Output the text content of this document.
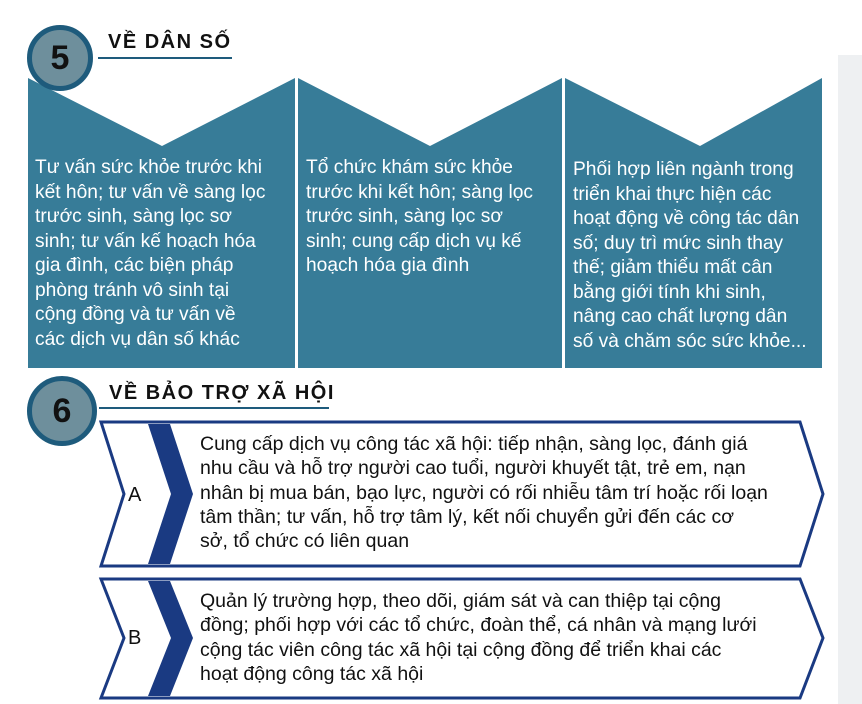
5 VỀ DÂN SỐ
Tư vấn sức khỏe trước khi
kết hôn; tư vấn về sàng lọc
trước sinh, sàng lọc sơ
sinh; tư vấn kế hoạch hóa
gia đình, các biện pháp
phòng tránh vô sinh tại
cộng đồng và tư vấn về
các dịch vụ dân số khác
Tổ chức khám sức khỏe
trước khi kết hôn; sàng lọc
trước sinh, sàng lọc sơ
sinh; cung cấp dịch vụ kế
hoạch hóa gia đình
Phối hợp liên ngành trong
triển khai thực hiện các
hoạt động về công tác dân
số; duy trì mức sinh thay
thế; giảm thiểu mất cân
bằng giới tính khi sinh,
nâng cao chất lượng dân
số và chăm sóc sức khỏe...
6 VỀ BẢO TRỢ XÃ HỘI
A
Cung cấp dịch vụ công tác xã hội: tiếp nhận, sàng lọc, đánh giá
nhu cầu và hỗ trợ người cao tuổi, người khuyết tật, trẻ em, nạn
nhân bị mua bán, bạo lực, người có rối nhiễu tâm trí hoặc rối loạn
tâm thần; tư vấn, hỗ trợ tâm lý, kết nối chuyển gửi đến các cơ
sở, tổ chức có liên quan
B
Quản lý trường hợp, theo dõi, giám sát và can thiệp tại cộng
đồng; phối hợp với các tổ chức, đoàn thể, cá nhân và mạng lưới
cộng tác viên công tác xã hội tại cộng đồng để triển khai các
hoạt động công tác xã hội
